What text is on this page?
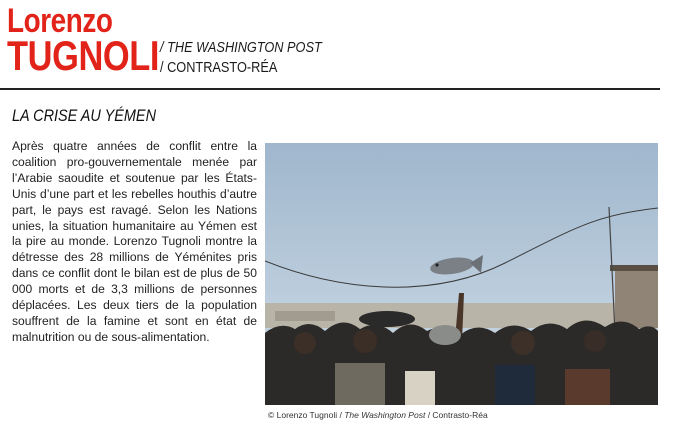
Lorenzo
TUGNOLI / THE WASHINGTON POST
/ CONTRASTO-RÉA
LA CRISE AU YÉMEN
Après quatre années de conflit entre la coalition pro-gouvernementale menée par l’Arabie saoudite et soutenue par les États-Unis d’une part et les rebelles houthis d’autre part, le pays est ravagé. Selon les Nations unies, la situation humanitaire au Yémen est la pire au monde. Lorenzo Tugnoli montre la détresse des 28 millions de Yéménites pris dans ce conflit dont le bilan est de plus de 50 000 morts et de 3,3 millions de personnes déplacées. Les deux tiers de la population souffrent de la famine et sont en état de malnutrition ou de sous-alimentation.
© Lorenzo Tugnoli / The Washington Post / Contrasto-Réa
